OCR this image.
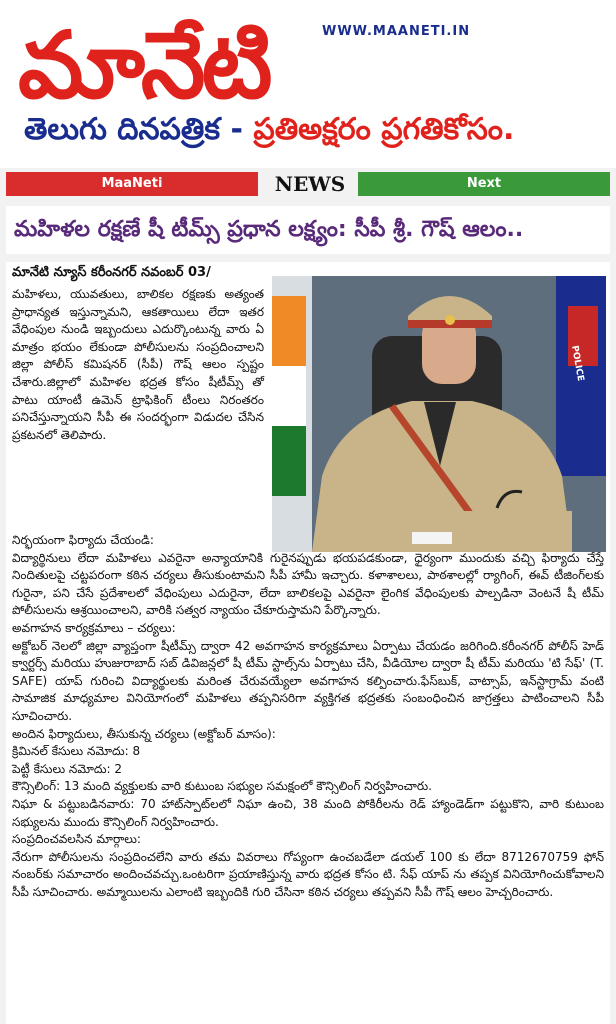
మానేటి	WWW.MAANETI.IN
తెలుగు దినపత్రిక - ప్రతిఅక్షరం ప్రగతికోసం.
MaaNeti	NEWS	Next
మహిళల రక్షణే షీ టీమ్స్ ప్రధాన లక్ష్యం: సీపీ శ్రీ. గౌష్ ఆలం..
మానేటి న్యూస్ కరీంనగర్ నవంబర్ 03/
మహిళలు, యువతులు, బాలికల రక్షణకు అత్యంత ప్రాధాన్యత ఇస్తున్నామని, ఆకతాయిలు లేదా ఇతర వేధింపుల నుండి ఇబ్బందులు ఎదుర్కొంటున్న వారు ఏ మాత్రం భయం లేకుండా పోలీసులను సంప్రదించాలని జిల్లా పోలీస్ కమిషనర్ (సీపీ) గౌష్ ఆలం స్పష్టం చేశారు.జిల్లాలో మహిళల భద్రత కోసం షీటీమ్స్ తో పాటు యాంటీ ఉమెన్ ట్రాఫికింగ్ టీంలు నిరంతరం పనిచేస్తున్నాయని సీపీ ఈ సందర్భంగా విడుదల చేసిన ప్రకటనలో తెలిపారు.
POLICE

నిర్భయంగా ఫిర్యాదు చేయండి:

విద్యార్థినులు లేదా మహిళలు ఎవరైనా అన్యాయానికి గురైనప్పుడు భయపడకుండా, ధైర్యంగా ముందుకు వచ్చి ఫిర్యాదు చేస్తే నిందితులపై చట్టపరంగా కఠిన చర్యలు తీసుకుంటామని సీపీ హామీ ఇచ్చారు. కళాశాలలు, పాఠశాలల్లో ర్యాగింగ్, ఈవ్ టీజింగ్‌లకు గురైనా, పని చేసే ప్రదేశాలలో వేధింపులు ఎదురైనా, లేదా బాలికలపై ఎవరైనా లైంగిక వేధింపులకు పాల్పడినా వెంటనే షీ టీమ్ పోలీసులను ఆశ్రయించాలని, వారికి సత్వర న్యాయం చేకూరుస్తామని పేర్కొన్నారు.

అవగాహన కార్యక్రమాలు – చర్యలు:

అక్టోబర్ నెలలో జిల్లా వ్యాప్తంగా షీటీమ్స్ ద్వారా 42 అవగాహన కార్యక్రమాలు ఏర్పాటు చేయడం జరిగింది.కరీంనగర్ పోలీస్ హెడ్ క్వార్టర్స్ మరియు హుజురాబాద్ సబ్ డివిజన్లలో షీ టీమ్ స్టాల్స్‌ను ఏర్పాటు చేసి, వీడియోల ద్వారా షీ టీమ్ మరియు 'టి సేఫ్' (T. SAFE) యాప్ గురించి విద్యార్థులకు మరింత చేరువయ్యేలా అవగాహన కల్పించారు.ఫేస్‌బుక్, వాట్సాప్, ఇన్‌స్టాగ్రామ్ వంటి సామాజిక మాధ్యమాల వినియోగంలో మహిళలు తప్పనిసరిగా వ్యక్తిగత భద్రతకు సంబంధించిన జాగ్రత్తలు పాటించాలని సీపీ సూచించారు.

అందిన ఫిర్యాదులు, తీసుకున్న చర్యలు (అక్టోబర్ మాసం):

క్రిమినల్ కేసులు నమోదు: 8

పెట్టీ కేసులు నమోదు: 2

కౌన్సిలింగ్: 13 మంది వ్యక్తులకు వారి కుటుంబ సభ్యుల సమక్షంలో కౌన్సిలింగ్ నిర్వహించారు.

నిఘా & పట్టుబడినవారు: 70 హాట్‌స్పాట్‌లలో నిఘా ఉంచి, 38 మంది పోకిరీలను రెడ్ హ్యాండెడ్‌గా పట్టుకొని, వారి కుటుంబ సభ్యులను ముందు కౌన్సిలింగ్ నిర్వహించారు.

సంప్రదించవలసిన మార్గాలు:

నేరుగా పోలీసులను సంప్రదించలేని వారు తమ వివరాలు గోప్యంగా ఉంచబడేలా డయల్ 100 కు లేదా 8712670759 ఫోన్ నంబర్‌కు సమాచారం అందించవచ్చు.ఒంటరిగా ప్రయాణిస్తున్న వారు భద్రత కోసం టి. సేఫ్ యాప్ ను తప్పక వినియోగించుకోవాలని సీపీ సూచించారు. అమ్మాయిలను ఎలాంటి ఇబ్బందికి గురి చేసినా కఠిన చర్యలు తప్పవని సీపీ గౌష్ ఆలం హెచ్చరించారు.
